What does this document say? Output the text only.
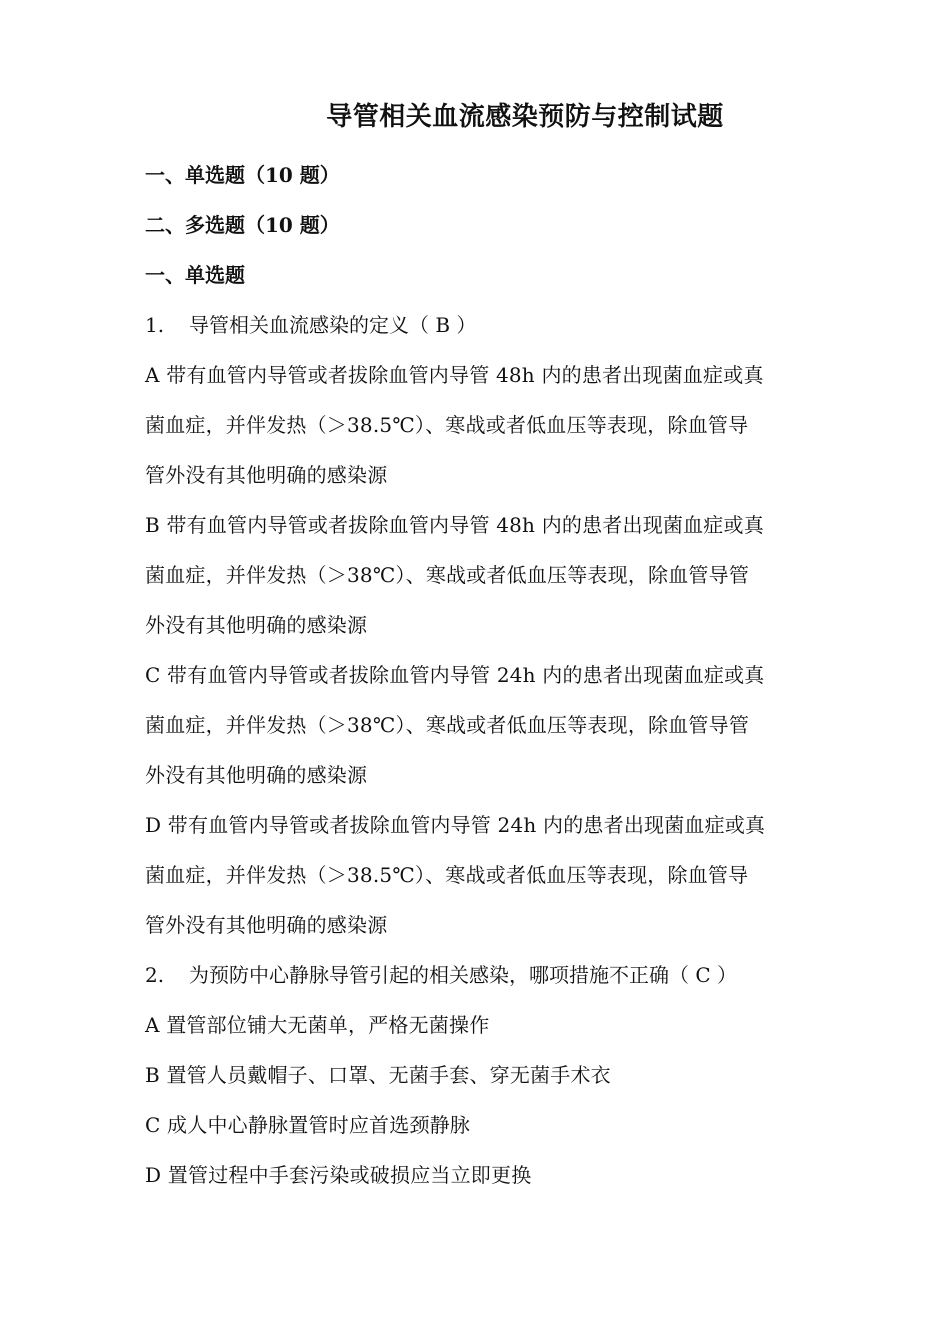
导管相关血流感染预防与控制试题
一、单选题（10 题）
二、多选题（10 题）
一、单选题
1. 导管相关血流感染的定义（ B ）
A 带有血管内导管或者拔除血管内导管 48h 内的患者出现菌血症或真
菌血症，并伴发热（＞38.5℃）、寒战或者低血压等表现，除血管导
管外没有其他明确的感染源
B 带有血管内导管或者拔除血管内导管 48h 内的患者出现菌血症或真
菌血症，并伴发热（＞38℃）、寒战或者低血压等表现，除血管导管
外没有其他明确的感染源
C 带有血管内导管或者拔除血管内导管 24h 内的患者出现菌血症或真
菌血症，并伴发热（＞38℃）、寒战或者低血压等表现，除血管导管
外没有其他明确的感染源
D 带有血管内导管或者拔除血管内导管 24h 内的患者出现菌血症或真
菌血症，并伴发热（＞38.5℃）、寒战或者低血压等表现，除血管导
管外没有其他明确的感染源
2. 为预防中心静脉导管引起的相关感染，哪项措施不正确（ C ）
A 置管部位铺大无菌单，严格无菌操作
B 置管人员戴帽子、口罩、无菌手套、穿无菌手术衣
C 成人中心静脉置管时应首选颈静脉
D 置管过程中手套污染或破损应当立即更换
